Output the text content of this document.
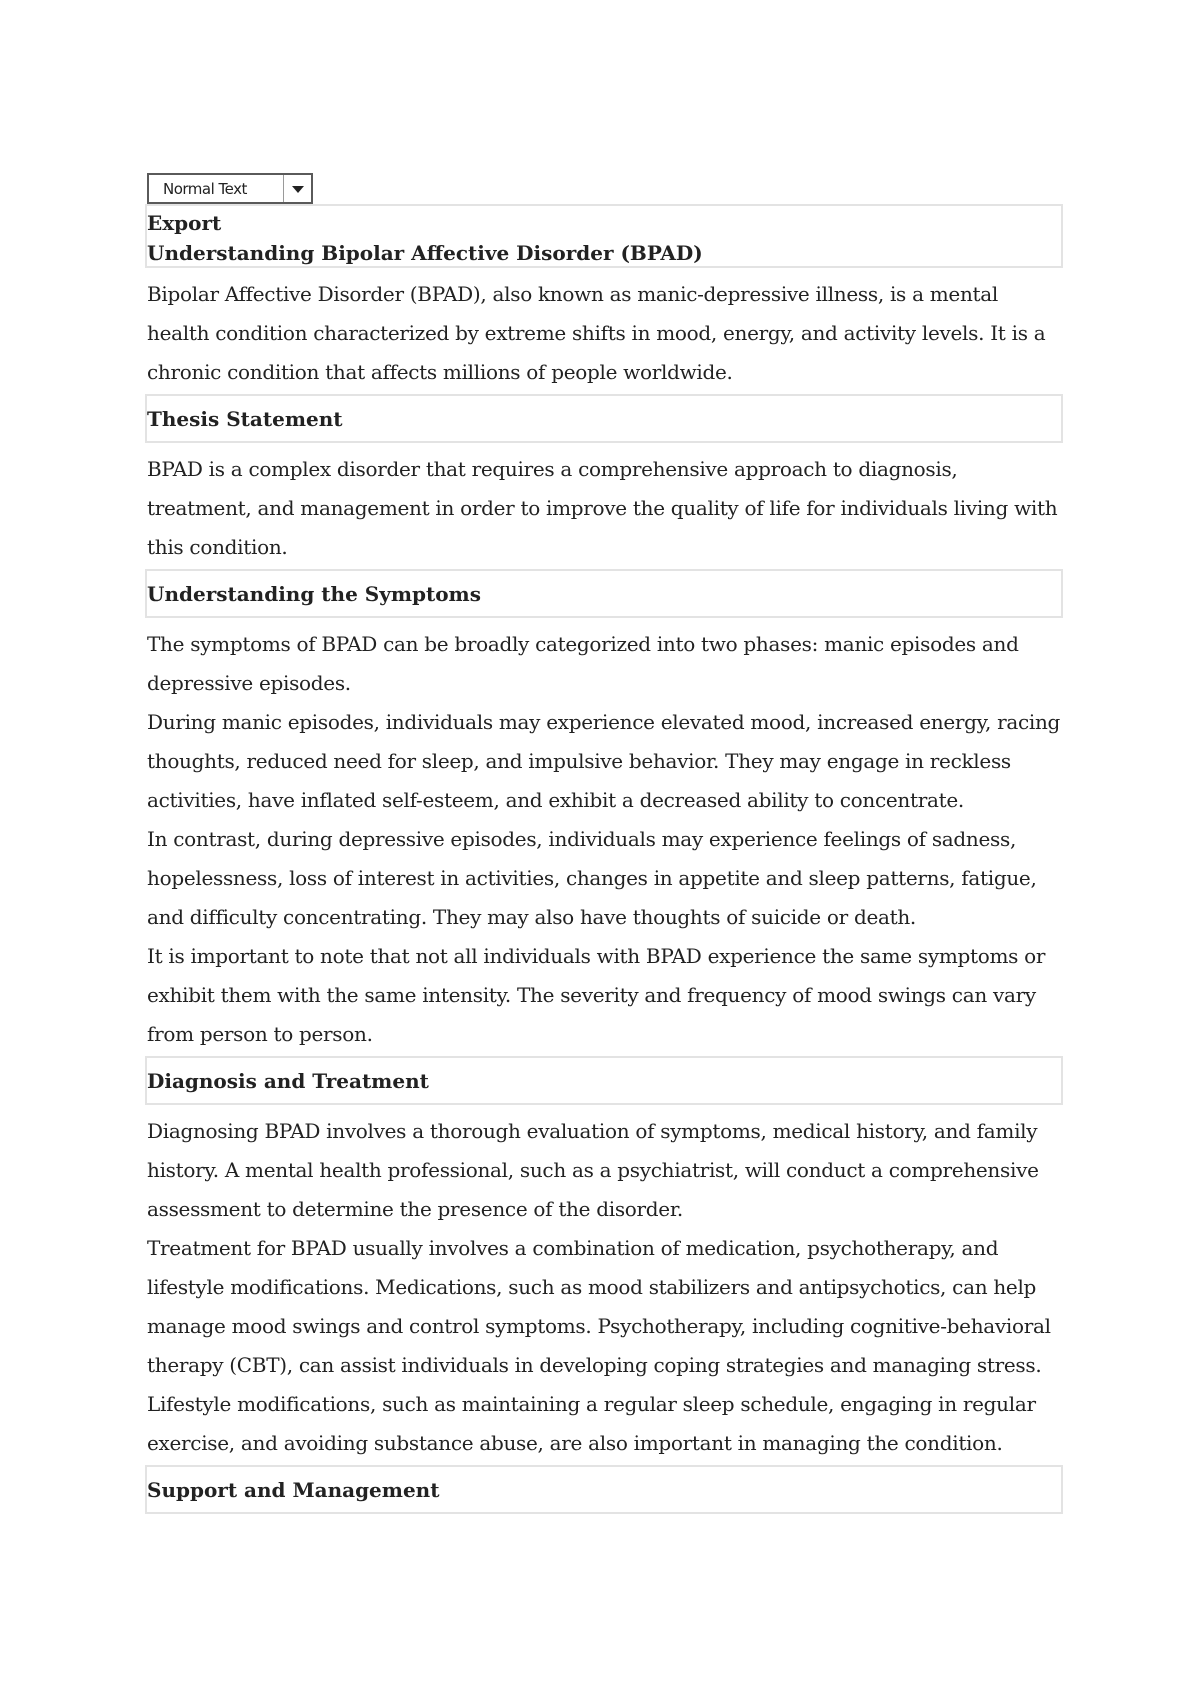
Normal Text
Export
Understanding Bipolar Affective Disorder (BPAD)

Bipolar Affective Disorder (BPAD), also known as manic-depressive illness, is a mental health condition characterized by extreme shifts in mood, energy, and activity levels. It is a chronic condition that affects millions of people worldwide.

Thesis Statement

BPAD is a complex disorder that requires a comprehensive approach to diagnosis, treatment, and management in order to improve the quality of life for individuals living with this condition.

Understanding the Symptoms

The symptoms of BPAD can be broadly categorized into two phases: manic episodes and depressive episodes.

During manic episodes, individuals may experience elevated mood, increased energy, racing thoughts, reduced need for sleep, and impulsive behavior. They may engage in reckless activities, have inflated self-esteem, and exhibit a decreased ability to concentrate.

In contrast, during depressive episodes, individuals may experience feelings of sadness, hopelessness, loss of interest in activities, changes in appetite and sleep patterns, fatigue, and difficulty concentrating. They may also have thoughts of suicide or death.

It is important to note that not all individuals with BPAD experience the same symptoms or exhibit them with the same intensity. The severity and frequency of mood swings can vary from person to person.

Diagnosis and Treatment

Diagnosing BPAD involves a thorough evaluation of symptoms, medical history, and family history. A mental health professional, such as a psychiatrist, will conduct a comprehensive assessment to determine the presence of the disorder.

Treatment for BPAD usually involves a combination of medication, psychotherapy, and lifestyle modifications. Medications, such as mood stabilizers and antipsychotics, can help manage mood swings and control symptoms. Psychotherapy, including cognitive-behavioral therapy (CBT), can assist individuals in developing coping strategies and managing stress. Lifestyle modifications, such as maintaining a regular sleep schedule, engaging in regular exercise, and avoiding substance abuse, are also important in managing the condition.

Support and Management
